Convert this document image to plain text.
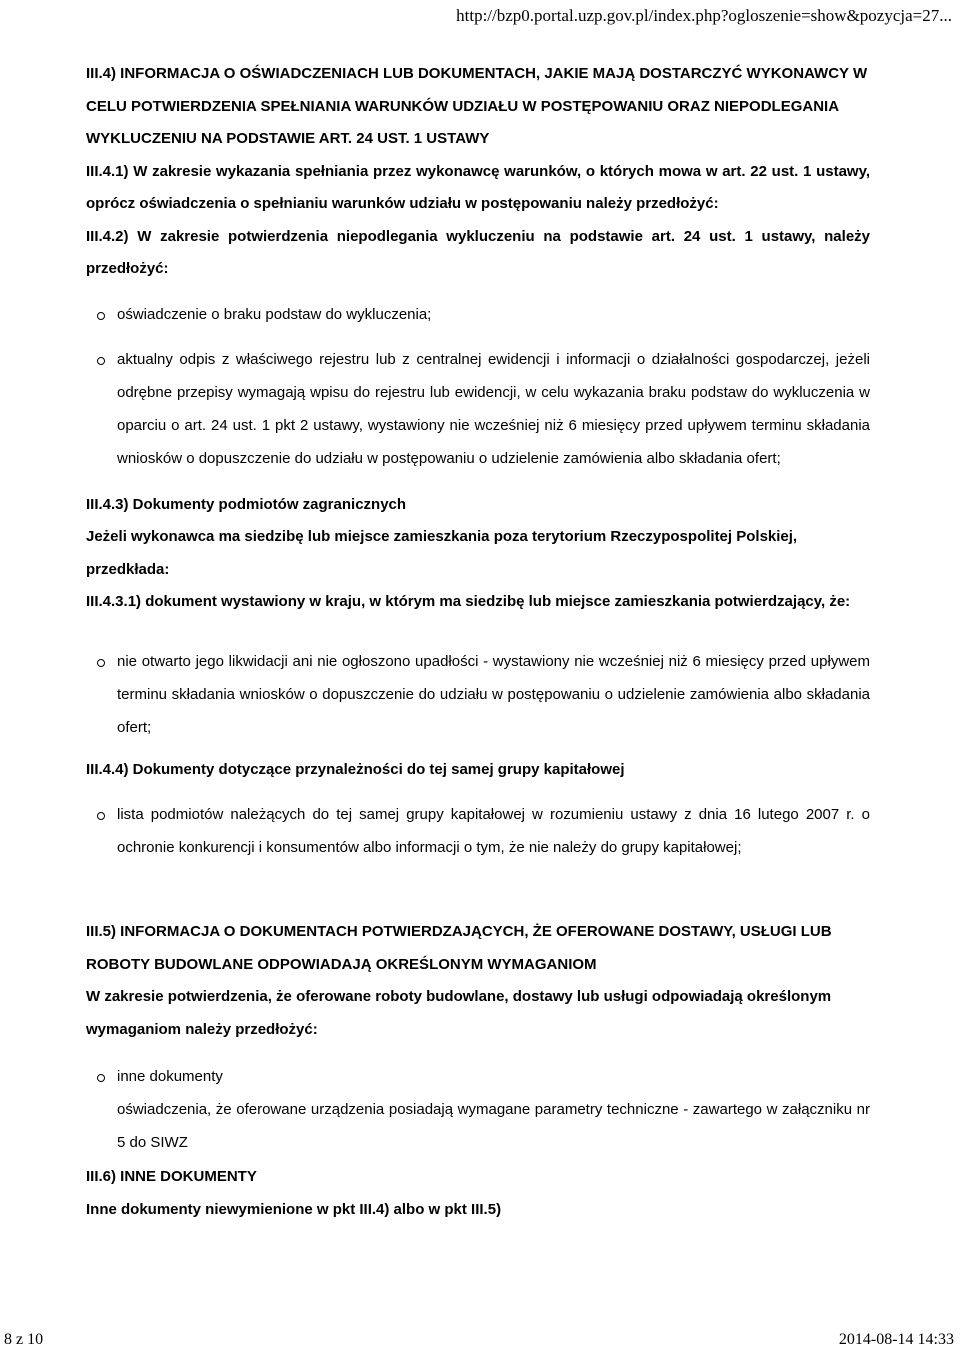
http://bzp0.portal.uzp.gov.pl/index.php?ogloszenie=show&pozycja=27...

III.4) INFORMACJA O OŚWIADCZENIACH LUB DOKUMENTACH, JAKIE MAJĄ DOSTARCZYĆ WYKONAWCY W CELU POTWIERDZENIA SPEŁNIANIA WARUNKÓW UDZIAŁU W POSTĘPOWANIU ORAZ NIEPODLEGANIA WYKLUCZENIU NA PODSTAWIE ART. 24 UST. 1 USTAWY

III.4.1) W zakresie wykazania spełniania przez wykonawcę warunków, o których mowa w art. 22 ust. 1 ustawy, oprócz oświadczenia o spełnianiu warunków udziału w postępowaniu należy przedłożyć:

III.4.2) W zakresie potwierdzenia niepodlegania wykluczeniu na podstawie art. 24 ust. 1 ustawy, należy przedłożyć:

oświadczenie o braku podstaw do wykluczenia;
aktualny odpis z właściwego rejestru lub z centralnej ewidencji i informacji o działalności gospodarczej, jeżeli odrębne przepisy wymagają wpisu do rejestru lub ewidencji, w celu wykazania braku podstaw do wykluczenia w oparciu o art. 24 ust. 1 pkt 2 ustawy, wystawiony nie wcześniej niż 6 miesięcy przed upływem terminu składania wniosków o dopuszczenie do udziału w postępowaniu o udzielenie zamówienia albo składania ofert;

III.4.3) Dokumenty podmiotów zagranicznych

Jeżeli wykonawca ma siedzibę lub miejsce zamieszkania poza terytorium Rzeczypospolitej Polskiej, przedkłada:

III.4.3.1) dokument wystawiony w kraju, w którym ma siedzibę lub miejsce zamieszkania potwierdzający, że:

nie otwarto jego likwidacji ani nie ogłoszono upadłości - wystawiony nie wcześniej niż 6 miesięcy przed upływem terminu składania wniosków o dopuszczenie do udziału w postępowaniu o udzielenie zamówienia albo składania ofert;

III.4.4) Dokumenty dotyczące przynależności do tej samej grupy kapitałowej

lista podmiotów należących do tej samej grupy kapitałowej w rozumieniu ustawy z dnia 16 lutego 2007 r. o ochronie konkurencji i konsumentów albo informacji o tym, że nie należy do grupy kapitałowej;

III.5) INFORMACJA O DOKUMENTACH POTWIERDZAJĄCYCH, ŻE OFEROWANE DOSTAWY, USŁUGI LUB ROBOTY BUDOWLANE ODPOWIADAJĄ OKREŚLONYM WYMAGANIOM

W zakresie potwierdzenia, że oferowane roboty budowlane, dostawy lub usługi odpowiadają określonym wymaganiom należy przedłożyć:

inne dokumenty
oświadczenia, że oferowane urządzenia posiadają wymagane parametry techniczne - zawartego w załączniku nr 5 do SIWZ

III.6) INNE DOKUMENTY

Inne dokumenty niewymienione w pkt III.4) albo w pkt III.5)

8 z 10	2014-08-14 14:33
